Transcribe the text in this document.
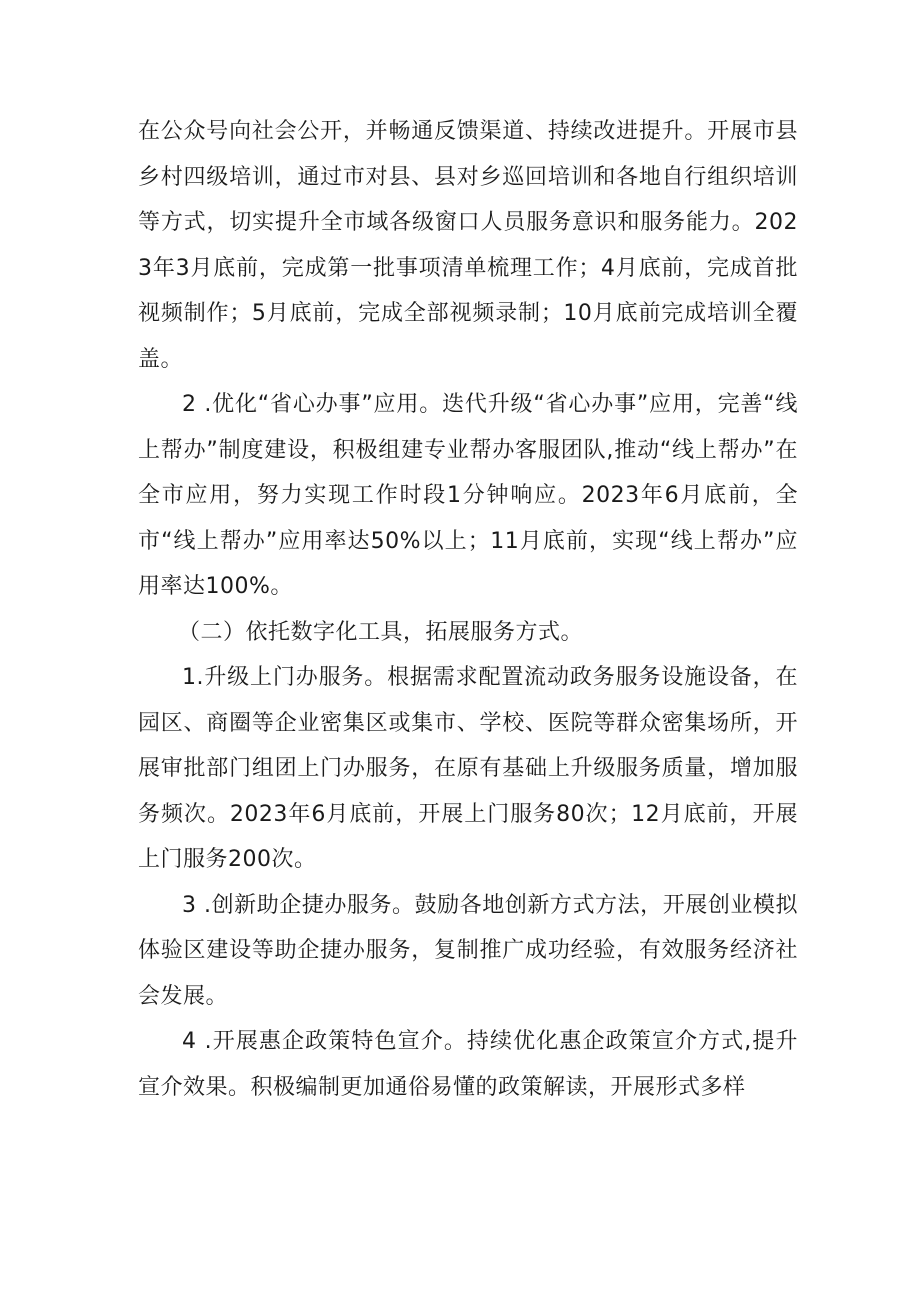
在公众号向社会公开，并畅通反馈渠道、持续改进提升。开展市县乡村四级培训，通过市对县、县对乡巡回培训和各地自行组织培训等方式，切实提升全市域各级窗口人员服务意识和服务能力。2023年3月底前，完成第一批事项清单梳理工作；4月底前，完成首批视频制作；5月底前，完成全部视频录制；10月底前完成培训全覆盖。

2 .优化“省心办事”应用。迭代升级“省心办事”应用，完善“线上帮办”制度建设，积极组建专业帮办客服团队,推动“线上帮办”在全市应用，努力实现工作时段1分钟响应。2023年6月底前，全市“线上帮办”应用率达50%以上；11月底前，实现“线上帮办”应用率达100%。

（二）依托数字化工具，拓展服务方式。

1.升级上门办服务。根据需求配置流动政务服务设施设备，在园区、商圈等企业密集区或集市、学校、医院等群众密集场所，开展审批部门组团上门办服务，在原有基础上升级服务质量，增加服务频次。2023年6月底前，开展上门服务80次；12月底前，开展上门服务200次。

3 .创新助企捷办服务。鼓励各地创新方式方法，开展创业模拟体验区建设等助企捷办服务，复制推广成功经验，有效服务经济社会发展。

4 .开展惠企政策特色宣介。持续优化惠企政策宣介方式,提升宣介效果。积极编制更加通俗易懂的政策解读，开展形式多样
